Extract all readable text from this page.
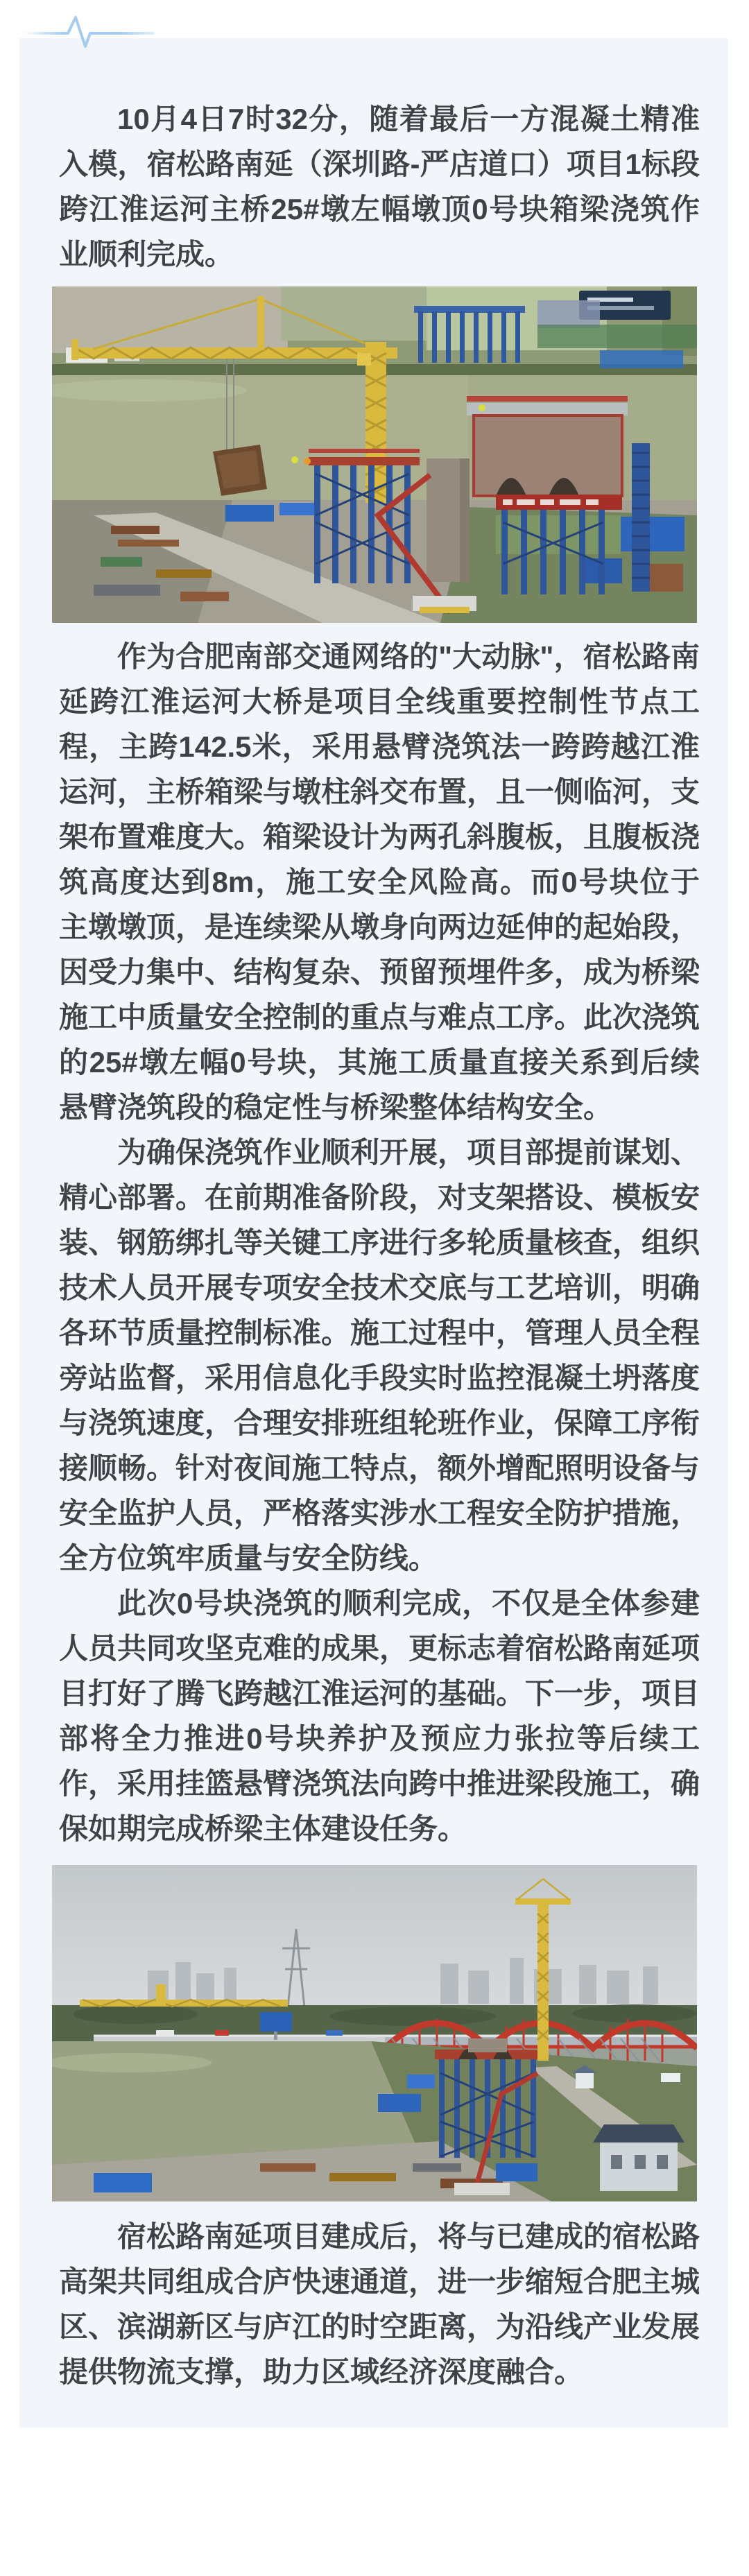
10月4日7时32分，随着最后一方混凝土精准入模，宿松路南延（深圳路-严店道口）项目1标段跨江淮运河主桥25#墩左幅墩顶0号块箱梁浇筑作业顺利完成。

作为合肥南部交通网络的"大动脉"，宿松路南延跨江淮运河大桥是项目全线重要控制性节点工程，主跨142.5米，采用悬臂浇筑法一跨跨越江淮运河，主桥箱梁与墩柱斜交布置，且一侧临河，支架布置难度大。箱梁设计为两孔斜腹板，且腹板浇筑高度达到8m，施工安全风险高。而0号块位于主墩墩顶，是连续梁从墩身向两边延伸的起始段，因受力集中、结构复杂、预留预埋件多，成为桥梁施工中质量安全控制的重点与难点工序。此次浇筑的25#墩左幅0号块，其施工质量直接关系到后续悬臂浇筑段的稳定性与桥梁整体结构安全。

为确保浇筑作业顺利开展，项目部提前谋划、精心部署。在前期准备阶段，对支架搭设、模板安装、钢筋绑扎等关键工序进行多轮质量核查，组织技术人员开展专项安全技术交底与工艺培训，明确各环节质量控制标准。施工过程中，管理人员全程旁站监督，采用信息化手段实时监控混凝土坍落度与浇筑速度，合理安排班组轮班作业，保障工序衔接顺畅。针对夜间施工特点，额外增配照明设备与安全监护人员，严格落实涉水工程安全防护措施，全方位筑牢质量与安全防线。

此次0号块浇筑的顺利完成，不仅是全体参建人员共同攻坚克难的成果，更标志着宿松路南延项目打好了腾飞跨越江淮运河的基础。下一步，项目部将全力推进0号块养护及预应力张拉等后续工作，采用挂篮悬臂浇筑法向跨中推进梁段施工，确保如期完成桥梁主体建设任务。

宿松路南延项目建成后，将与已建成的宿松路高架共同组成合庐快速通道，进一步缩短合肥主城区、滨湖新区与庐江的时空距离，为沿线产业发展提供物流支撑，助力区域经济深度融合。
